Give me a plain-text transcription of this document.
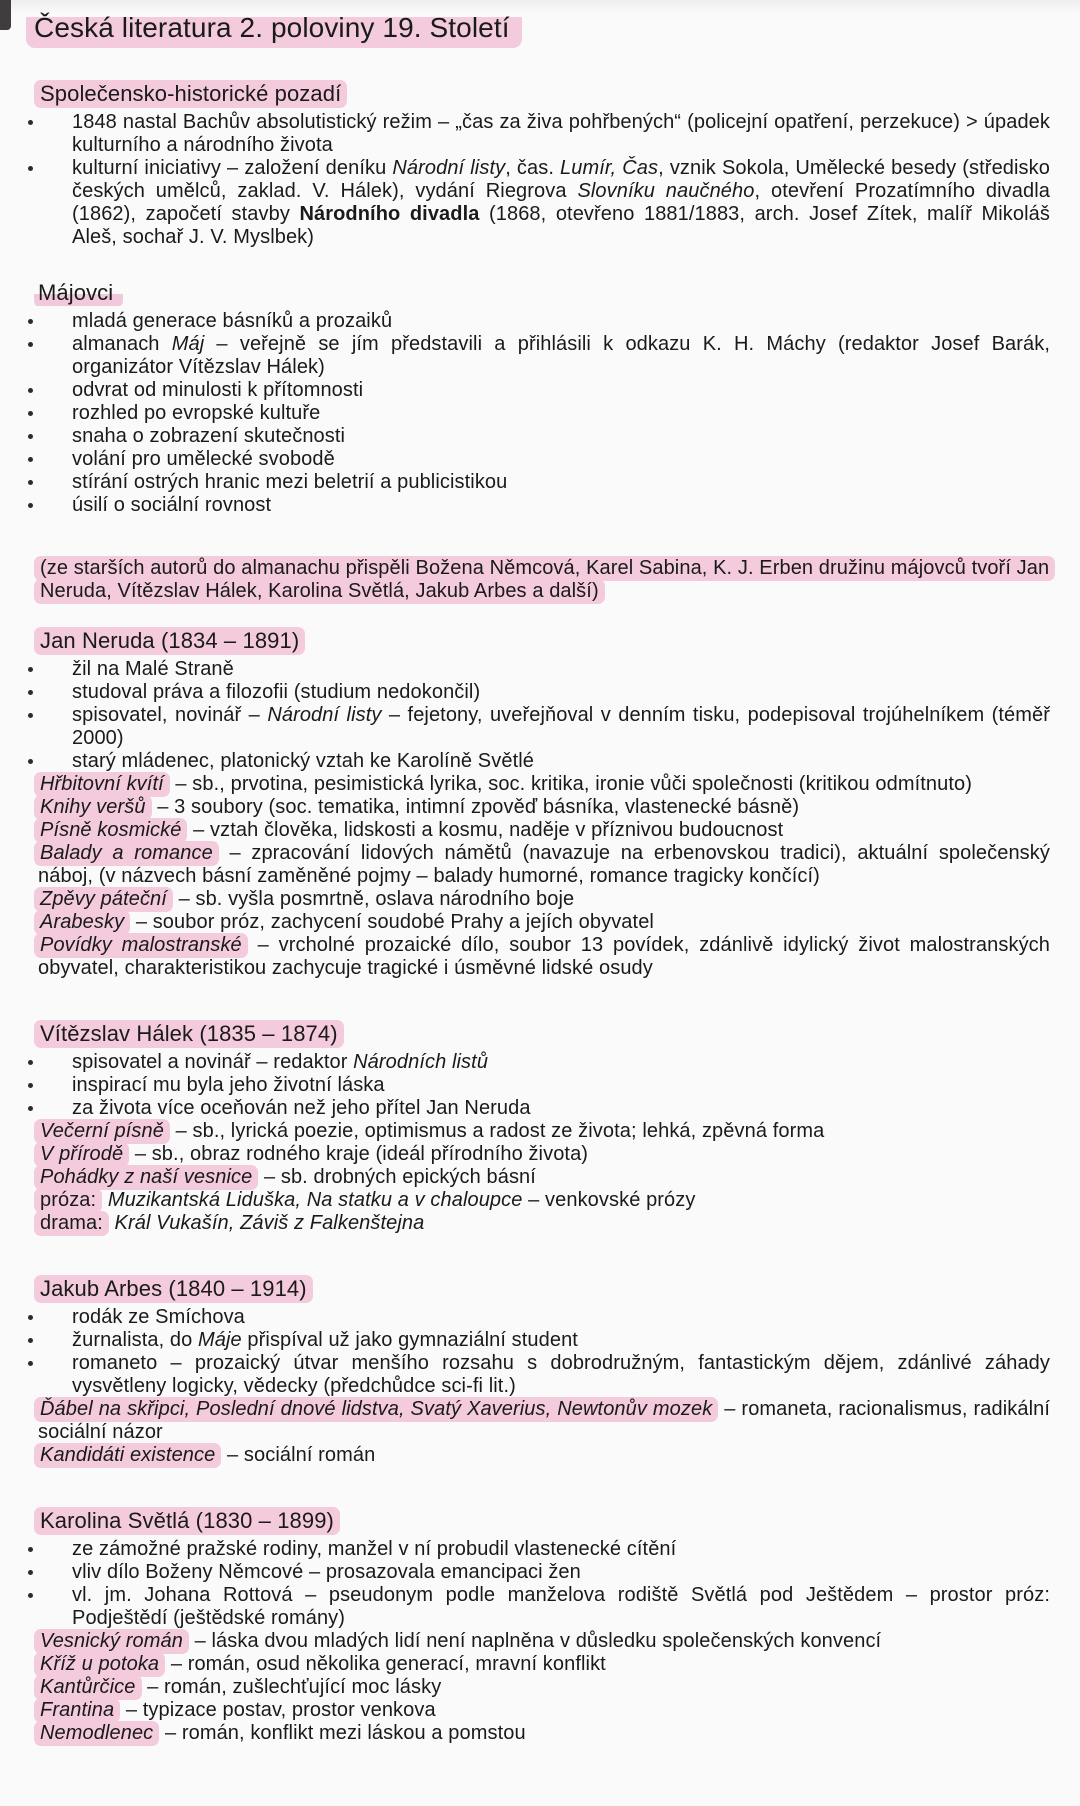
Česká literatura 2. poloviny 19. Století
Společensko-historické pozadí
1848 nastal Bachův absolutistický režim – „čas za živa pohřbených“ (policejní opatření, perzekuce) > úpadek kulturního a národního života
kulturní iniciativy – založení deníku Národní listy, čas. Lumír, Čas, vznik Sokola, Umělecké besedy (středisko českých umělců, zaklad. V. Hálek), vydání Riegrova Slovníku naučného, otevření Prozatímního divadla (1862), započetí stavby Národního divadla (1868, otevřeno 1881/1883, arch. Josef Zítek, malíř Mikoláš Aleš, sochař J. V. Myslbek)
Májovci
mladá generace básníků a prozaiků
almanach Máj – veřejně se jím představili a přihlásili k odkazu K. H. Máchy (redaktor Josef Barák, organizátor Vítězslav Hálek)
odvrat od minulosti k přítomnosti
rozhled po evropské kultuře
snaha o zobrazení skutečnosti
volání pro umělecké svobodě
stírání ostrých hranic mezi beletrií a publicistikou
úsilí o sociální rovnost
(ze starších autorů do almanachu přispěli Božena Němcová, Karel Sabina, K. J. Erben družinu májovců tvoří Jan Neruda, Vítězslav Hálek, Karolina Světlá, Jakub Arbes a další)
Jan Neruda (1834 – 1891)
žil na Malé Straně
studoval práva a filozofii (studium nedokončil)
spisovatel, novinář – Národní listy – fejetony, uveřejňoval v denním tisku, podepisoval trojúhelníkem (téměř 2000)
starý mládenec, platonický vztah ke Karolíně Světlé
Hřbitovní kvítí – sb., prvotina, pesimistická lyrika, soc. kritika, ironie vůči společnosti (kritikou odmítnuto)
Knihy veršů – 3 soubory (soc. tematika, intimní zpověď básníka, vlastenecké básně)
Písně kosmické – vztah člověka, lidskosti a kosmu, naděje v příznivou budoucnost
Balady a romance – zpracování lidových námětů (navazuje na erbenovskou tradici), aktuální společenský náboj, (v názvech básní zaměněné pojmy – balady humorné, romance tragicky končící)
Zpěvy páteční – sb. vyšla posmrtně, oslava národního boje
Arabesky – soubor próz, zachycení soudobé Prahy a jejích obyvatel
Povídky malostranské – vrcholné prozaické dílo, soubor 13 povídek, zdánlivě idylický život malostranských obyvatel, charakteristikou zachycuje tragické i úsměvné lidské osudy
Vítězslav Hálek (1835 – 1874)
spisovatel a novinář – redaktor Národních listů
inspirací mu byla jeho životní láska
za života více oceňován než jeho přítel Jan Neruda
Večerní písně – sb., lyrická poezie, optimismus a radost ze života; lehká, zpěvná forma
V přírodě – sb., obraz rodného kraje (ideál přírodního života)
Pohádky z naší vesnice – sb. drobných epických básní
próza: Muzikantská Liduška, Na statku a v chaloupce – venkovské prózy
drama: Král Vukašín, Záviš z Falkenštejna
Jakub Arbes (1840 – 1914)
rodák ze Smíchova
žurnalista, do Máje přispíval už jako gymnaziální student
romaneto – prozaický útvar menšího rozsahu s dobrodružným, fantastickým dějem, zdánlivé záhady vysvětleny logicky, vědecky (předchůdce sci-fi lit.)
Ďábel na skřipci, Poslední dnové lidstva, Svatý Xaverius, Newtonův mozek – romaneta, racionalismus, radikální sociální názor
Kandidáti existence – sociální román
Karolina Světlá (1830 – 1899)
ze zámožné pražské rodiny, manžel v ní probudil vlastenecké cítění
vliv dílo Boženy Němcové – prosazovala emancipaci žen
vl. jm. Johana Rottová – pseudonym podle manželova rodiště Světlá pod Ještědem – prostor próz: Podještědí (ještědské romány)
Vesnický román – láska dvou mladých lidí není naplněna v důsledku společenských konvencí
Kříž u potoka – román, osud několika generací, mravní konflikt
Kantůrčice – román, zušlechťující moc lásky
Frantina – typizace postav, prostor venkova
Nemodlenec – román, konflikt mezi láskou a pomstou
